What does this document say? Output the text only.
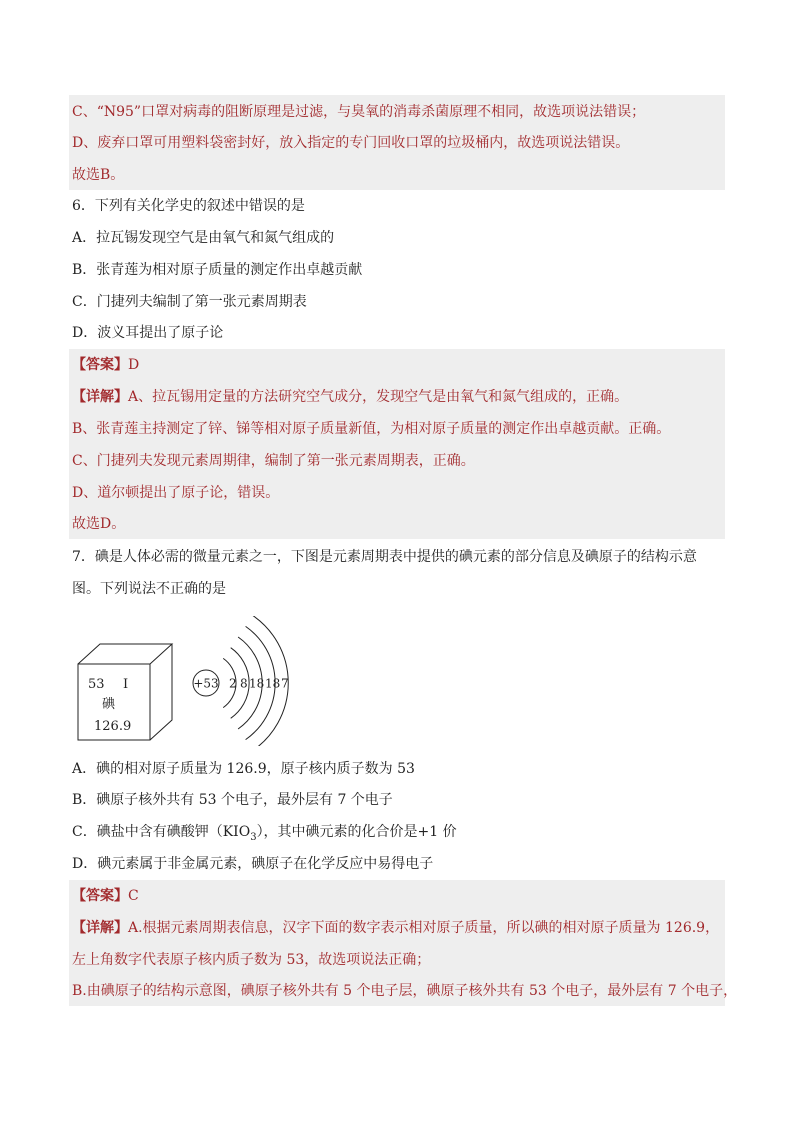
C、“N95”口罩对病毒的阻断原理是过滤，与臭氧的消毒杀菌原理不相同，故选项说法错误；
D、废弃口罩可用塑料袋密封好，放入指定的专门回收口罩的垃圾桶内，故选项说法错误。
故选B。
6．下列有关化学史的叙述中错误的是
A．拉瓦锡发现空气是由氧气和氮气组成的
B．张青莲为相对原子质量的测定作出卓越贡献
C．门捷列夫编制了第一张元素周期表
D．波义耳提出了原子论
【答案】D
【详解】A、拉瓦锡用定量的方法研究空气成分，发现空气是由氧气和氮气组成的，正确。
B、张青莲主持测定了锌、锑等相对原子质量新值，为相对原子质量的测定作出卓越贡献。正确。
C、门捷列夫发现元素周期律，编制了第一张元素周期表，正确。
D、道尔顿提出了原子论，错误。
故选D。
7．碘是人体必需的微量元素之一，下图是元素周期表中提供的碘元素的部分信息及碘原子的结构示意
图。下列说法不正确的是
53 I
碘
126.9
+53 2 8 18 18 7
A．碘的相对原子质量为 126.9，原子核内质子数为 53
B．碘原子核外共有 53 个电子，最外层有 7 个电子
C．碘盐中含有碘酸钾$(KIO_3)$，其中碘元素的化合价是+1 价
D．碘元素属于非金属元素，碘原子在化学反应中易得电子
【答案】C
【详解】A.根据元素周期表信息，汉字下面的数字表示相对原子质量，所以碘的相对原子质量为 126.9，
左上角数字代表原子核内质子数为 53，故选项说法正确；
B.由碘原子的结构示意图，碘原子核外共有 5 个电子层，碘原子核外共有 53 个电子，最外层有 7 个电子，
